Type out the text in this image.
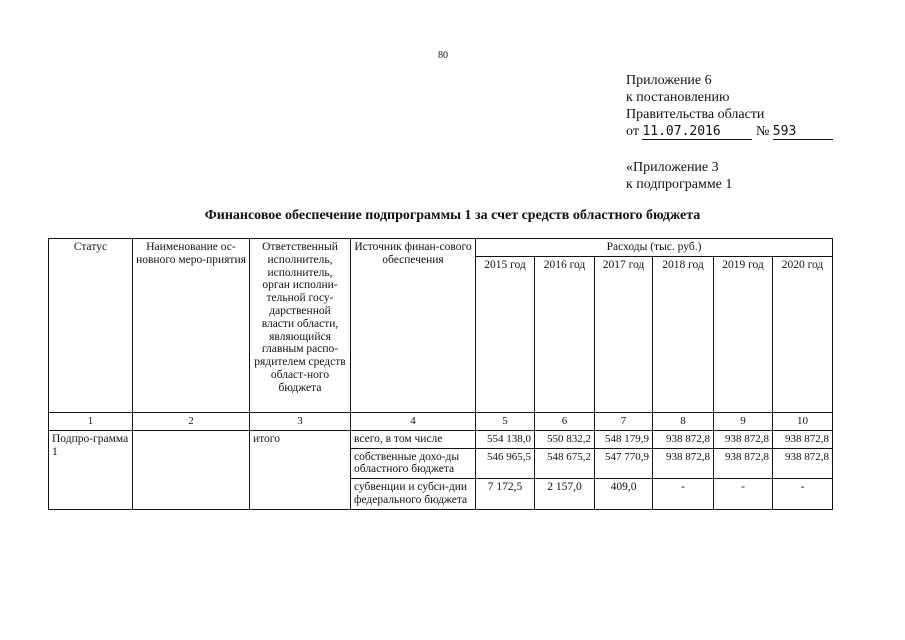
80
Приложение 6
к постановлению
Правительства области
от 11.07.2016	№ 593
«Приложение 3
к подпрограмме 1
Финансовое обеспечение подпрограммы 1 за счет средств областного бюджета
Статус	Наименование ос-новного меро-приятия	Ответственный исполнитель, исполнитель, орган исполни-тельной госу-дарственной власти области, являющийся главным распо-рядителем средств област-ного бюджета	Источник финан-сового обеспечения	Расходы (тыс. руб.)					
				2015 год	2016 год	2017 год	2018 год	2019 год	2020 год
1	2	3	4	5	6	7	8	9	10
Подпро-грамма 1		итого	всего, в том числе	554 138,0	550 832,2	548 179,9	938 872,8	938 872,8	938 872,8
			собственные дохо-ды областного бюджета	546 965,5	548 675,2	547 770,9	938 872,8	938 872,8	938 872,8
			субвенции и субси-дии федерального бюджета	7 172,5	2 157,0	409,0	-	-	-
